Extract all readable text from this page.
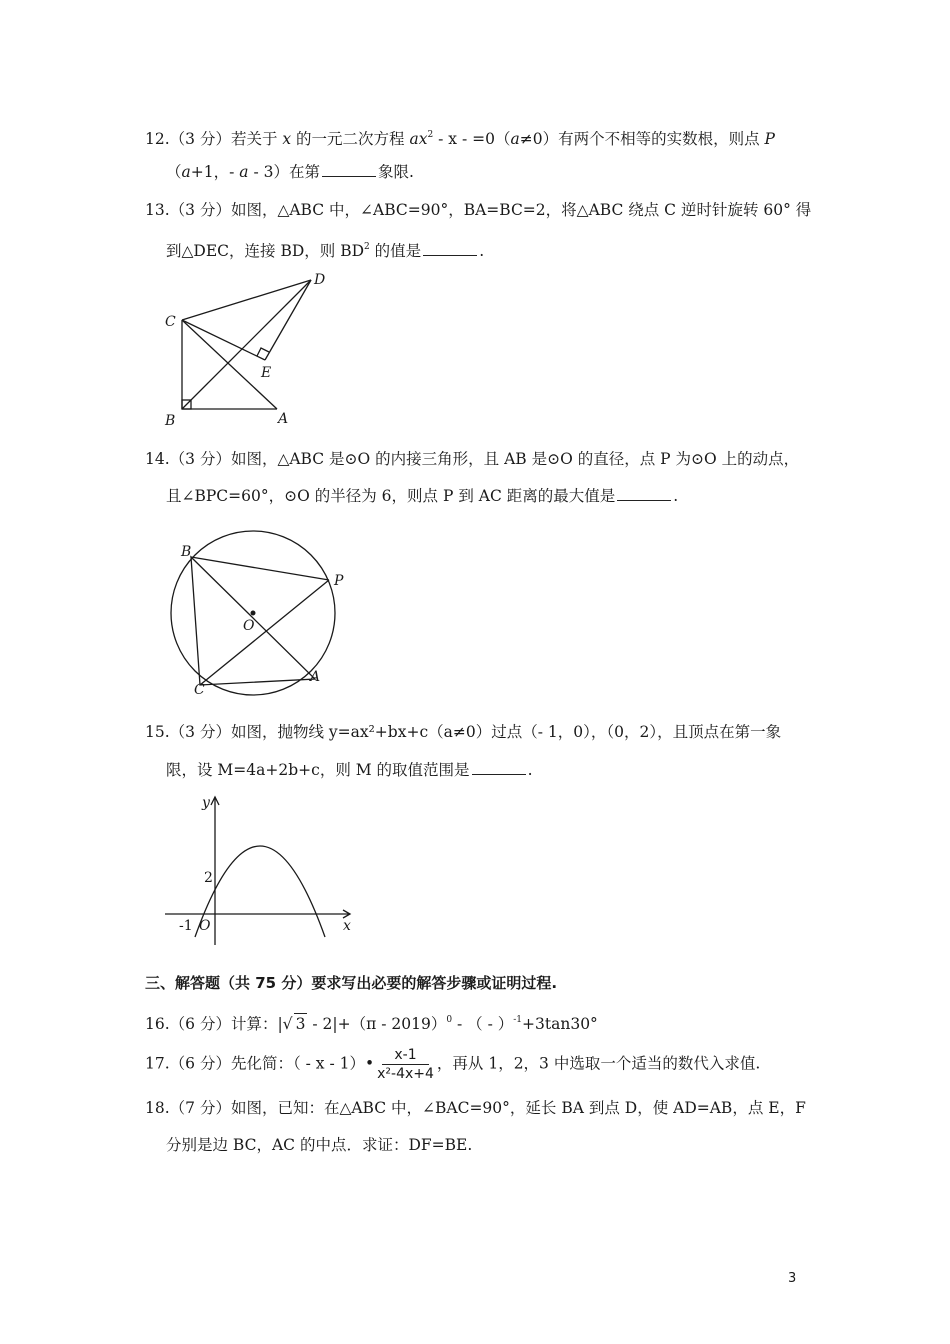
12.（3 分）若关于 x 的一元二次方程 $ax^2 - x - =0(a\ne 0)$有两个不相等的实数根，则点 P
（a+1，- a - 3）在第	象限.
13.（3 分）如图，△ABC 中，∠ABC=90°，BA=BC=2，将△ABC 绕点 C 逆时针旋转 60° 得
到△DEC，连接 BD，则 $BD^2$ 的值是	.
C
D
E
B	A
14.（3 分）如图，△ABC 是⊙O 的内接三角形，且 AB 是⊙O 的直径，点 P 为⊙O 上的动点，
且∠BPC=60°，⊙O 的半径为 6，则点 P 到 AC 距离的最大值是	.
B
P
O
C
A
15.（3 分）如图，抛物线 y=ax²+bx+c（a≠0）过点（- 1，0），（0，2），且顶点在第一象
限，设 M=4a+2b+c，则 M 的取值范围是	.
y
x
2
-1 O
三、解答题（共 75 分）要求写出必要的解答步骤或证明过程.
16.（6 分）计算：|√ 3 - 2|+（π - 2019）$^0$ - （ - ）$^{-1}$+3tan30°
17.（6 分）先化简：（ - x - 1）• $\frac{x-1}{\text{x²-4x+4}}$ ，再从 1，2，3 中选取一个适当的数代入求值.
18.（7 分）如图，已知：在△ABC 中，∠BAC=90°，延长 BA 到点 D，使 AD=AB，点 E，F
分别是边 BC，AC 的中点．求证：DF=BE.
3
